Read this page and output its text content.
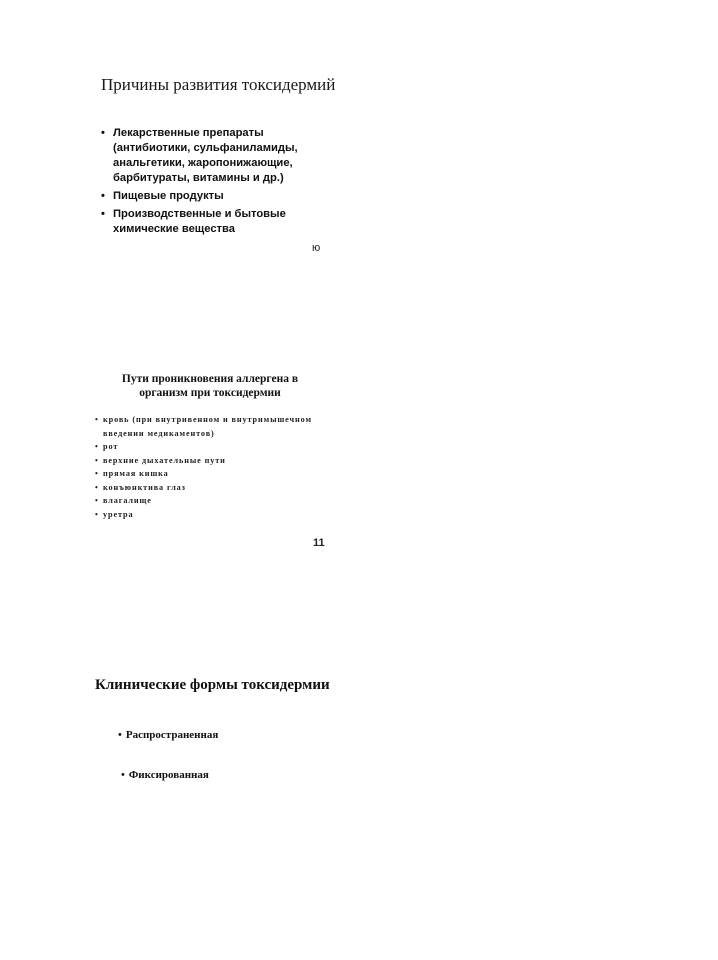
Причины развития токсидермий
• Лекарственные препараты (антибиотики, сульфаниламиды, анальгетики, жаропонижающие, барбитураты, витамины и др.)
• Пищевые продукты
• Производственные и бытовые химические вещества
ю
Пути проникновения аллергена в организм при токсидермии
• кровь (при внутривенном и внутримышечном введении медикаментов)
• рот
• верхние дыхательные пути
• прямая кишка
• конъюнктива глаз
• влагалище
• уретра
11
Клинические формы токсидермии
• Распространенная
• Фиксированная
